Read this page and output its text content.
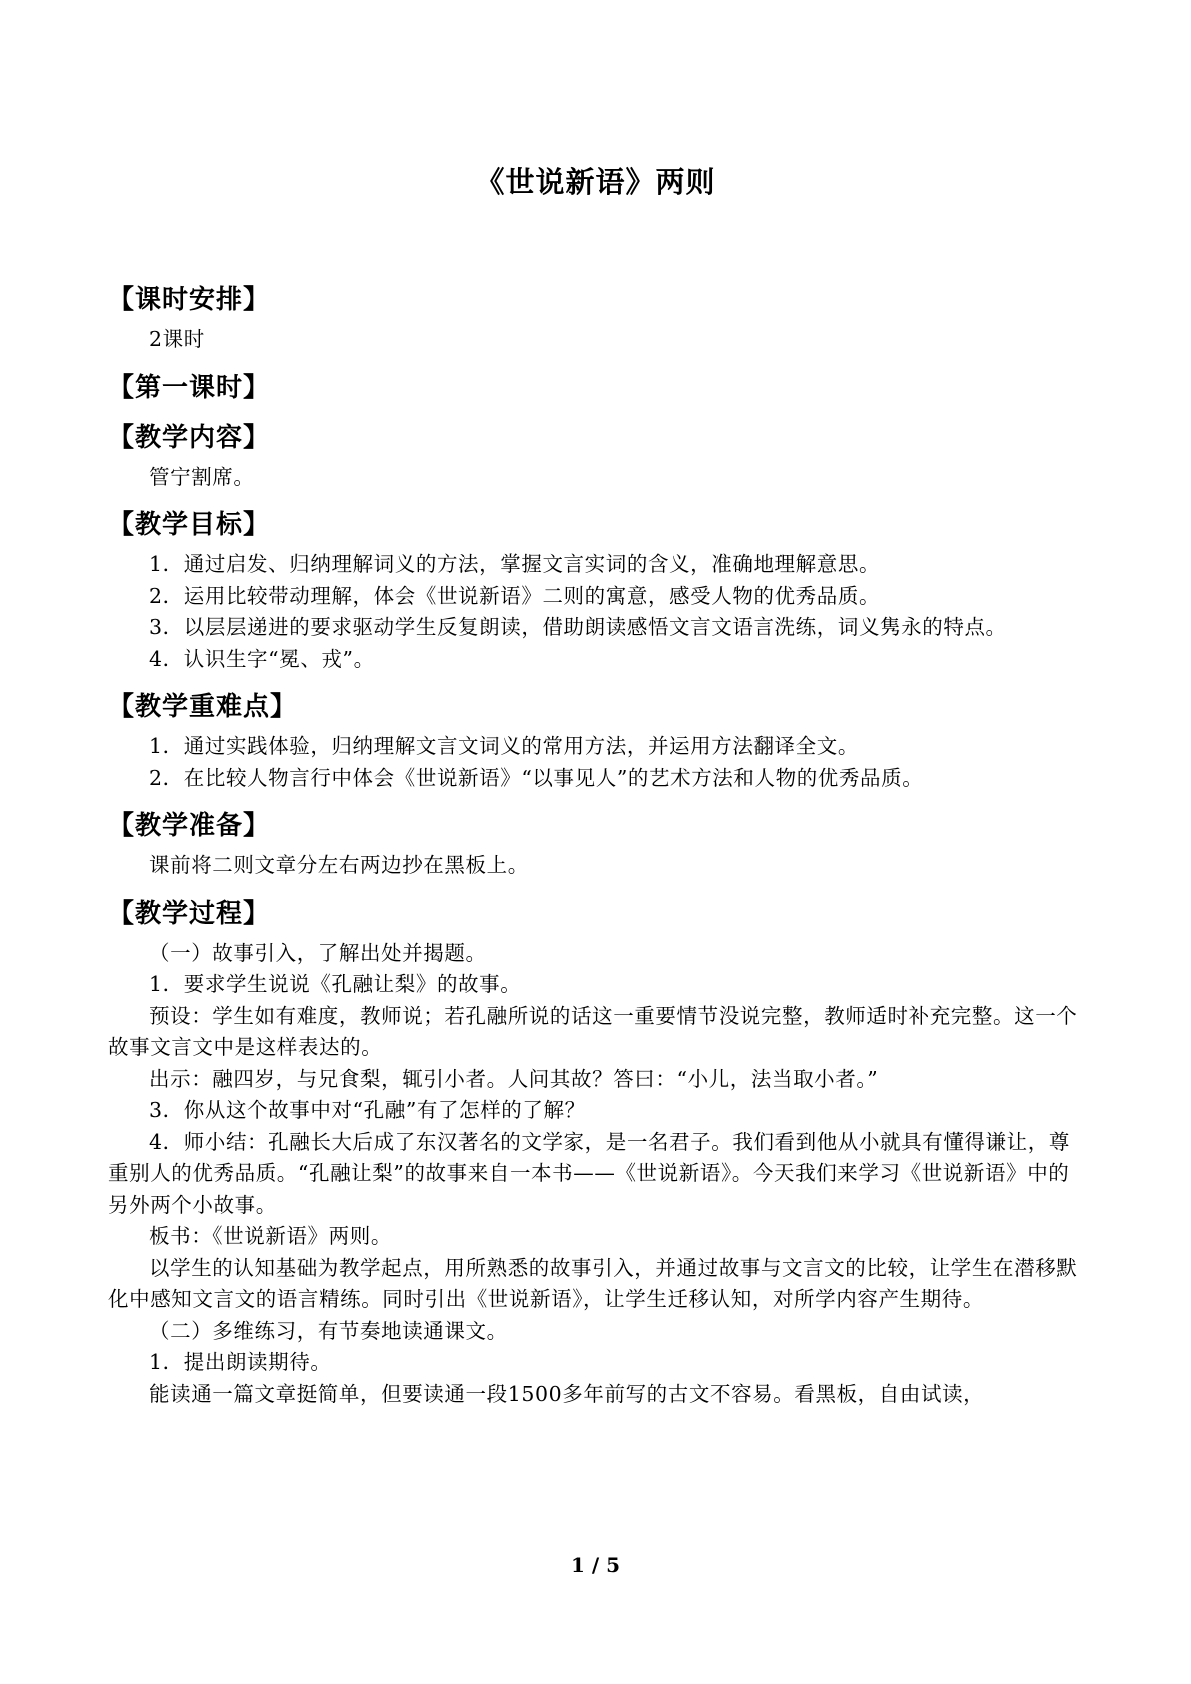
《世说新语》两则
【课时安排】

2课时

【第一课时】
【教学内容】

管宁割席。

【教学目标】

1．通过启发、归纳理解词义的方法，掌握文言实词的含义，准确地理解意思。

2．运用比较带动理解，体会《世说新语》二则的寓意，感受人物的优秀品质。

3．以层层递进的要求驱动学生反复朗读，借助朗读感悟文言文语言洗练，词义隽永的特点。

4．认识生字“冕、戎”。

【教学重难点】

1．通过实践体验，归纳理解文言文词义的常用方法，并运用方法翻译全文。

2．在比较人物言行中体会《世说新语》“以事见人”的艺术方法和人物的优秀品质。

【教学准备】

课前将二则文章分左右两边抄在黑板上。

【教学过程】

（一）故事引入，了解出处并揭题。

1．要求学生说说《孔融让梨》的故事。

预设：学生如有难度，教师说；若孔融所说的话这一重要情节没说完整，教师适时补充完整。这一个故事文言文中是这样表达的。

出示：融四岁，与兄食梨，辄引小者。人问其故？答曰：“小儿，法当取小者。”

3．你从这个故事中对“孔融”有了怎样的了解？

4．师小结：孔融长大后成了东汉著名的文学家，是一名君子。我们看到他从小就具有懂得谦让，尊重别人的优秀品质。“孔融让梨”的故事来自一本书——《世说新语》。今天我们来学习《世说新语》中的另外两个小故事。

板书：《世说新语》两则。

以学生的认知基础为教学起点，用所熟悉的故事引入，并通过故事与文言文的比较，让学生在潜移默化中感知文言文的语言精练。同时引出《世说新语》，让学生迁移认知，对所学内容产生期待。

（二）多维练习，有节奏地读通课文。

1．提出朗读期待。

能读通一篇文章挺简单，但要读通一段1500多年前写的古文不容易。看黑板，自由试读，

1 / 5
